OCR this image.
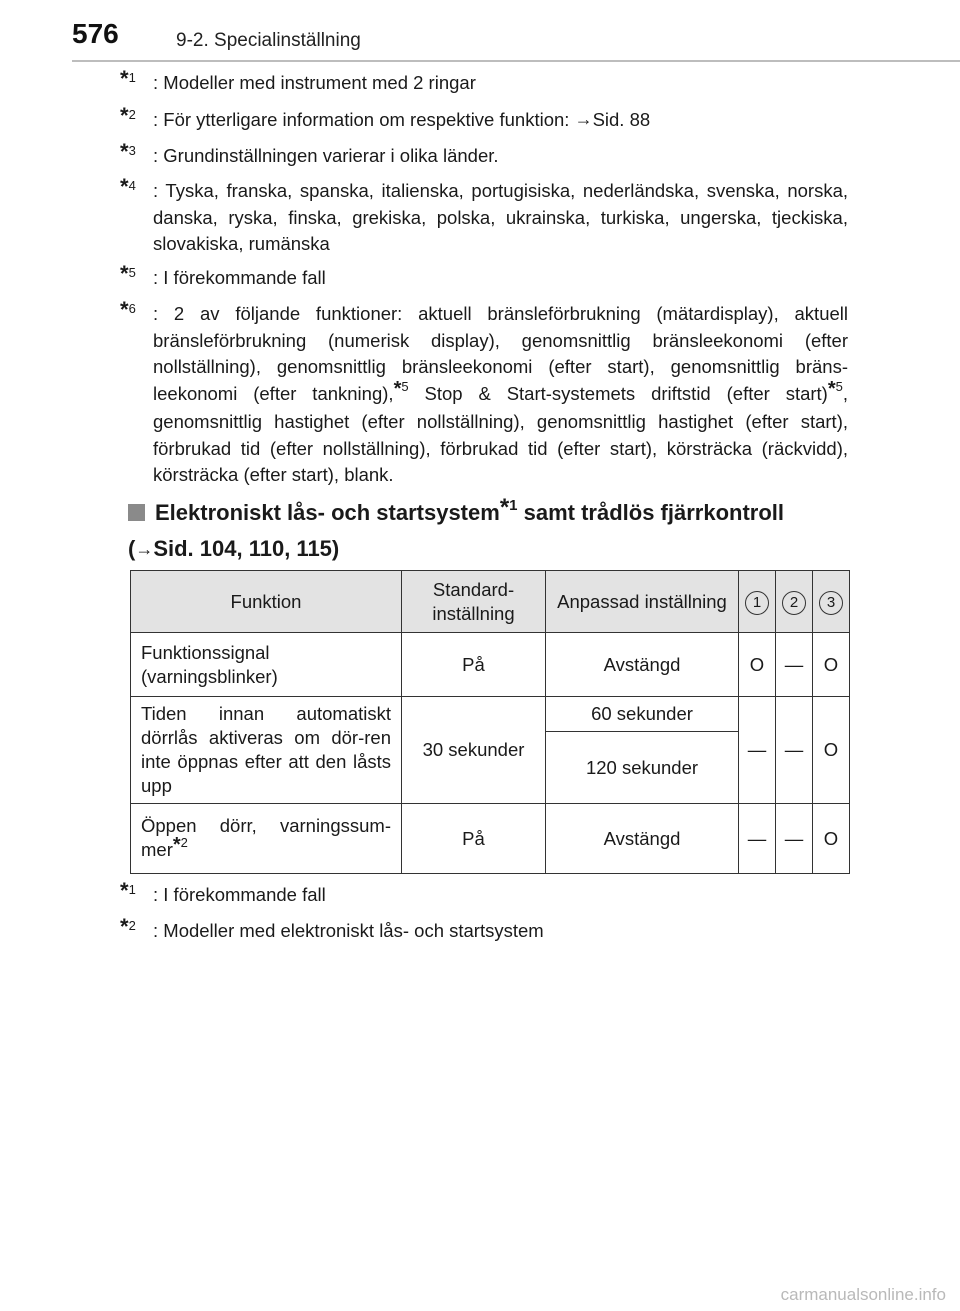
576	9-2. Specialinställning
*$^1$ : Modeller med instrument med 2 ringar
*$^2$ : För ytterligare information om respektive funktion: →Sid. 88
*$^3$ : Grundinställningen varierar i olika länder.
*$^4$ : Tyska, franska, spanska, italienska, portugisiska, nederländska, svenska, norska, danska, ryska, finska, grekiska, polska, ukrainska, turkiska, ungerska, tjeckiska, slovakiska, rumänska
*$^5$ : I förekommande fall
*$^6$ : 2 av följande funktioner: aktuell bränsleförbrukning (mätardisplay), aktuell bränsleförbrukning (numerisk display), genomsnittlig bränsleekonomi (efter nollställning), genomsnittlig bränsleekonomi (efter start), genomsnittlig bräns-leekonomi (efter tankning),*$^5$ Stop & Start-systemets driftstid (efter start)*$^5$, genomsnittlig hastighet (efter nollställning), genomsnittlig hastighet (efter start), förbrukad tid (efter nollställning), förbrukad tid (efter start), körsträcka (räckvidd), körsträcka (efter start), blank.
Elektroniskt lås- och startsystem*$^1$ samt trådlös fjärrkontroll
(→Sid. 104, 110, 115)
Funktion	Standard-inställning	Anpassad inställning	1	2	3
Funktionssignal (varningsblinker)	På	Avstängd	O	—	O
Tiden innan automatiskt dörrlås aktiveras om dör-ren inte öppnas efter att den låsts upp	30 sekunder	60 sekunder	—	—	O
		120 sekunder			
Öppen dörr, varningssum-mer*$^2$	På	Avstängd	—	—	O
*$^1$ : I förekommande fall
*$^2$ : Modeller med elektroniskt lås- och startsystem
carmanualsonline.info
